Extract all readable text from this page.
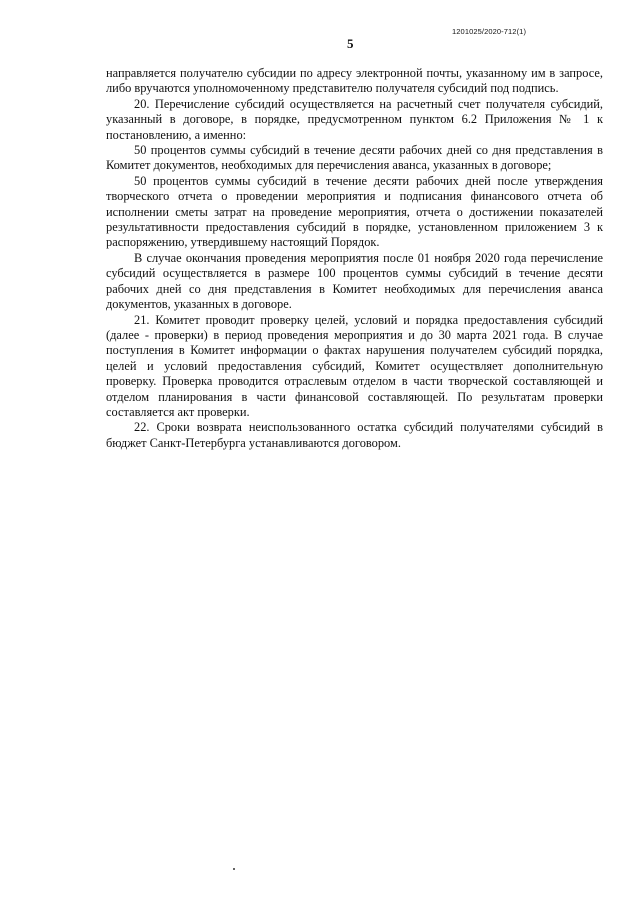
1201025/2020-712(1)
5

направляется получателю субсидии по адресу электронной почты, указанному им в запросе, либо вручаются уполномоченному представителю получателя субсидий под подпись.

20. Перечисление субсидий осуществляется на расчетный счет получателя субсидий, указанный в договоре, в порядке, предусмотренном пунктом 6.2 Приложения № 1 к постановлению, а именно:

50 процентов суммы субсидий в течение десяти рабочих дней со дня представления в Комитет документов, необходимых для перечисления аванса, указанных в договоре;

50 процентов суммы субсидий в течение десяти рабочих дней после утверждения творческого отчета о проведении мероприятия и подписания финансового отчета об исполнении сметы затрат на проведение мероприятия, отчета о достижении показателей результативности предоставления субсидий в порядке, установленном приложением 3 к распоряжению, утвердившему настоящий Порядок.

В случае окончания проведения мероприятия после 01 ноября 2020 года перечисление субсидий осуществляется в размере 100 процентов суммы субсидий в течение десяти рабочих дней со дня представления в Комитет необходимых для перечисления аванса документов, указанных в договоре.

21. Комитет проводит проверку целей, условий и порядка предоставления субсидий (далее - проверки) в период проведения мероприятия и до 30 марта 2021 года. В случае поступления в Комитет информации о фактах нарушения получателем субсидий порядка, целей и условий предоставления субсидий, Комитет осуществляет дополнительную проверку. Проверка проводится отраслевым отделом в части творческой составляющей и отделом планирования в части финансовой составляющей. По результатам проверки составляется акт проверки.

22. Сроки возврата неиспользованного остатка субсидий получателями субсидий в бюджет Санкт-Петербурга устанавливаются договором.
